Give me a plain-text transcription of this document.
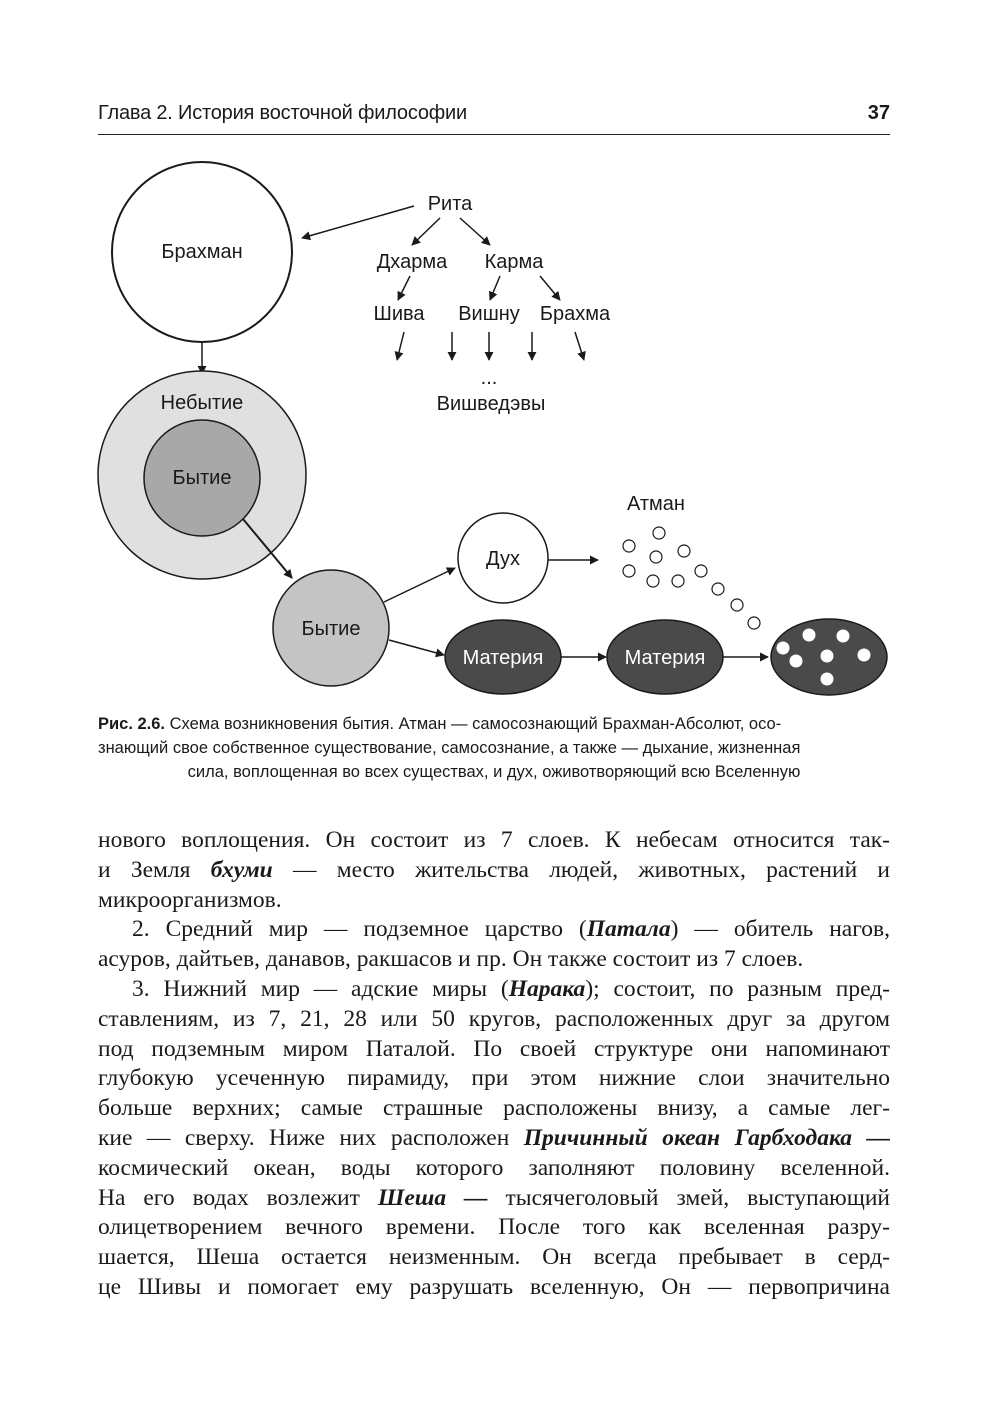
Глава 2. История восточной философии	37
Брахман
Рита
Дхарма Карма
Шива Вишну Брахма
...
Вишведэвы
Небытие
Бытие
Бытие
Дух
Атман
Материя	Материя
Рис. 2.6. Схема возникновения бытия. Атман — самосознающий Брахман-Абсолют, осо-
знающий свое собственное существование, самосознание, а также — дыхание, жизненная
сила, воплощенная во всех существах, и дух, оживотворяющий всю Вселенную
нового воплощения. Он состоит из 7 слоев. К небесам относится так-
и Земля бхуми — место жительства людей, животных, растений и
микроорганизмов.
2. Средний мир — подземное царство (Патала) — обитель нагов,
асуров, дайтьев, данавов, ракшасов и пр. Он также состоит из 7 слоев.
3. Нижний мир — адские миры (Нарака); состоит, по разным пред-
ставлениям, из 7, 21, 28 или 50 кругов, расположенных друг за другом
под подземным миром Паталой. По своей структуре они напоминают
глубокую усеченную пирамиду, при этом нижние слои значительно
больше верхних; самые страшные расположены внизу, а самые лег-
кие — сверху. Ниже них расположен Причинный океан Гарбходака —
космический океан, воды которого заполняют половину вселенной.
На его водах возлежит Шеша — тысячеголовый змей, выступающий
олицетворением вечного времени. После того как вселенная разру-
шается, Шеша остается неизменным. Он всегда пребывает в серд-
це Шивы и помогает ему разрушать вселенную, Он — первопричина
